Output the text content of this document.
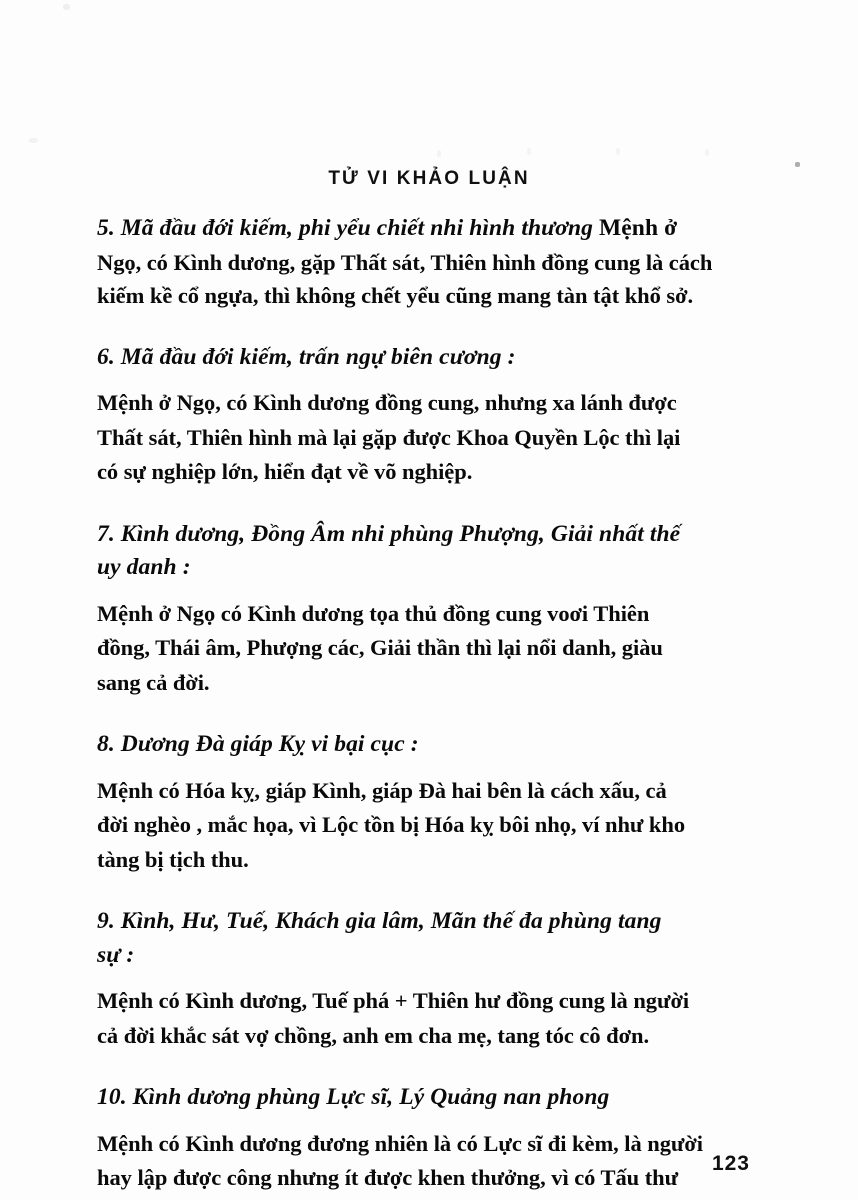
TỬ VI KHẢO LUẬN

5. Mã đầu đới kiếm, phi yểu chiết nhi hình thương Mệnh ở

Ngọ, có Kình dương, gặp Thất sát, Thiên hình đồng cung là cách
kiếm kề cổ ngựa, thì không chết yểu cũng mang tàn tật khổ sở.

6. Mã đầu đới kiếm, trấn ngự biên cương :

Mệnh ở Ngọ, có Kình dương đồng cung, nhưng xa lánh được
Thất sát, Thiên hình mà lại gặp được Khoa Quyền Lộc thì lại
có sự nghiệp lớn, hiển đạt về võ nghiệp.

7. Kình dương, Đồng Âm nhi phùng Phượng, Giải nhất thế
uy danh :

Mệnh ở Ngọ có Kình dương tọa thủ đồng cung voơi Thiên
đồng, Thái âm, Phượng các, Giải thần thì lại nổi danh, giàu
sang cả đời.

8. Dương Đà giáp Kỵ vi bại cục :

Mệnh có Hóa kỵ, giáp Kình, giáp Đà hai bên là cách xấu, cả
đời nghèo , mắc họa, vì Lộc tồn bị Hóa kỵ bôi nhọ, ví như kho
tàng bị tịch thu.

9. Kình, Hư, Tuế, Khách gia lâm, Mãn thế đa phùng tang
sự :

Mệnh có Kình dương, Tuế phá + Thiên hư đồng cung là người
cả đời khắc sát vợ chồng, anh em cha mẹ, tang tóc cô đơn.

10. Kình dương phùng Lực sĩ, Lý Quảng nan phong

Mệnh có Kình dương đương nhiên là có Lực sĩ đi kèm, là người
hay lập được công nhưng ít được khen thưởng, vì có Tấu thư

123
